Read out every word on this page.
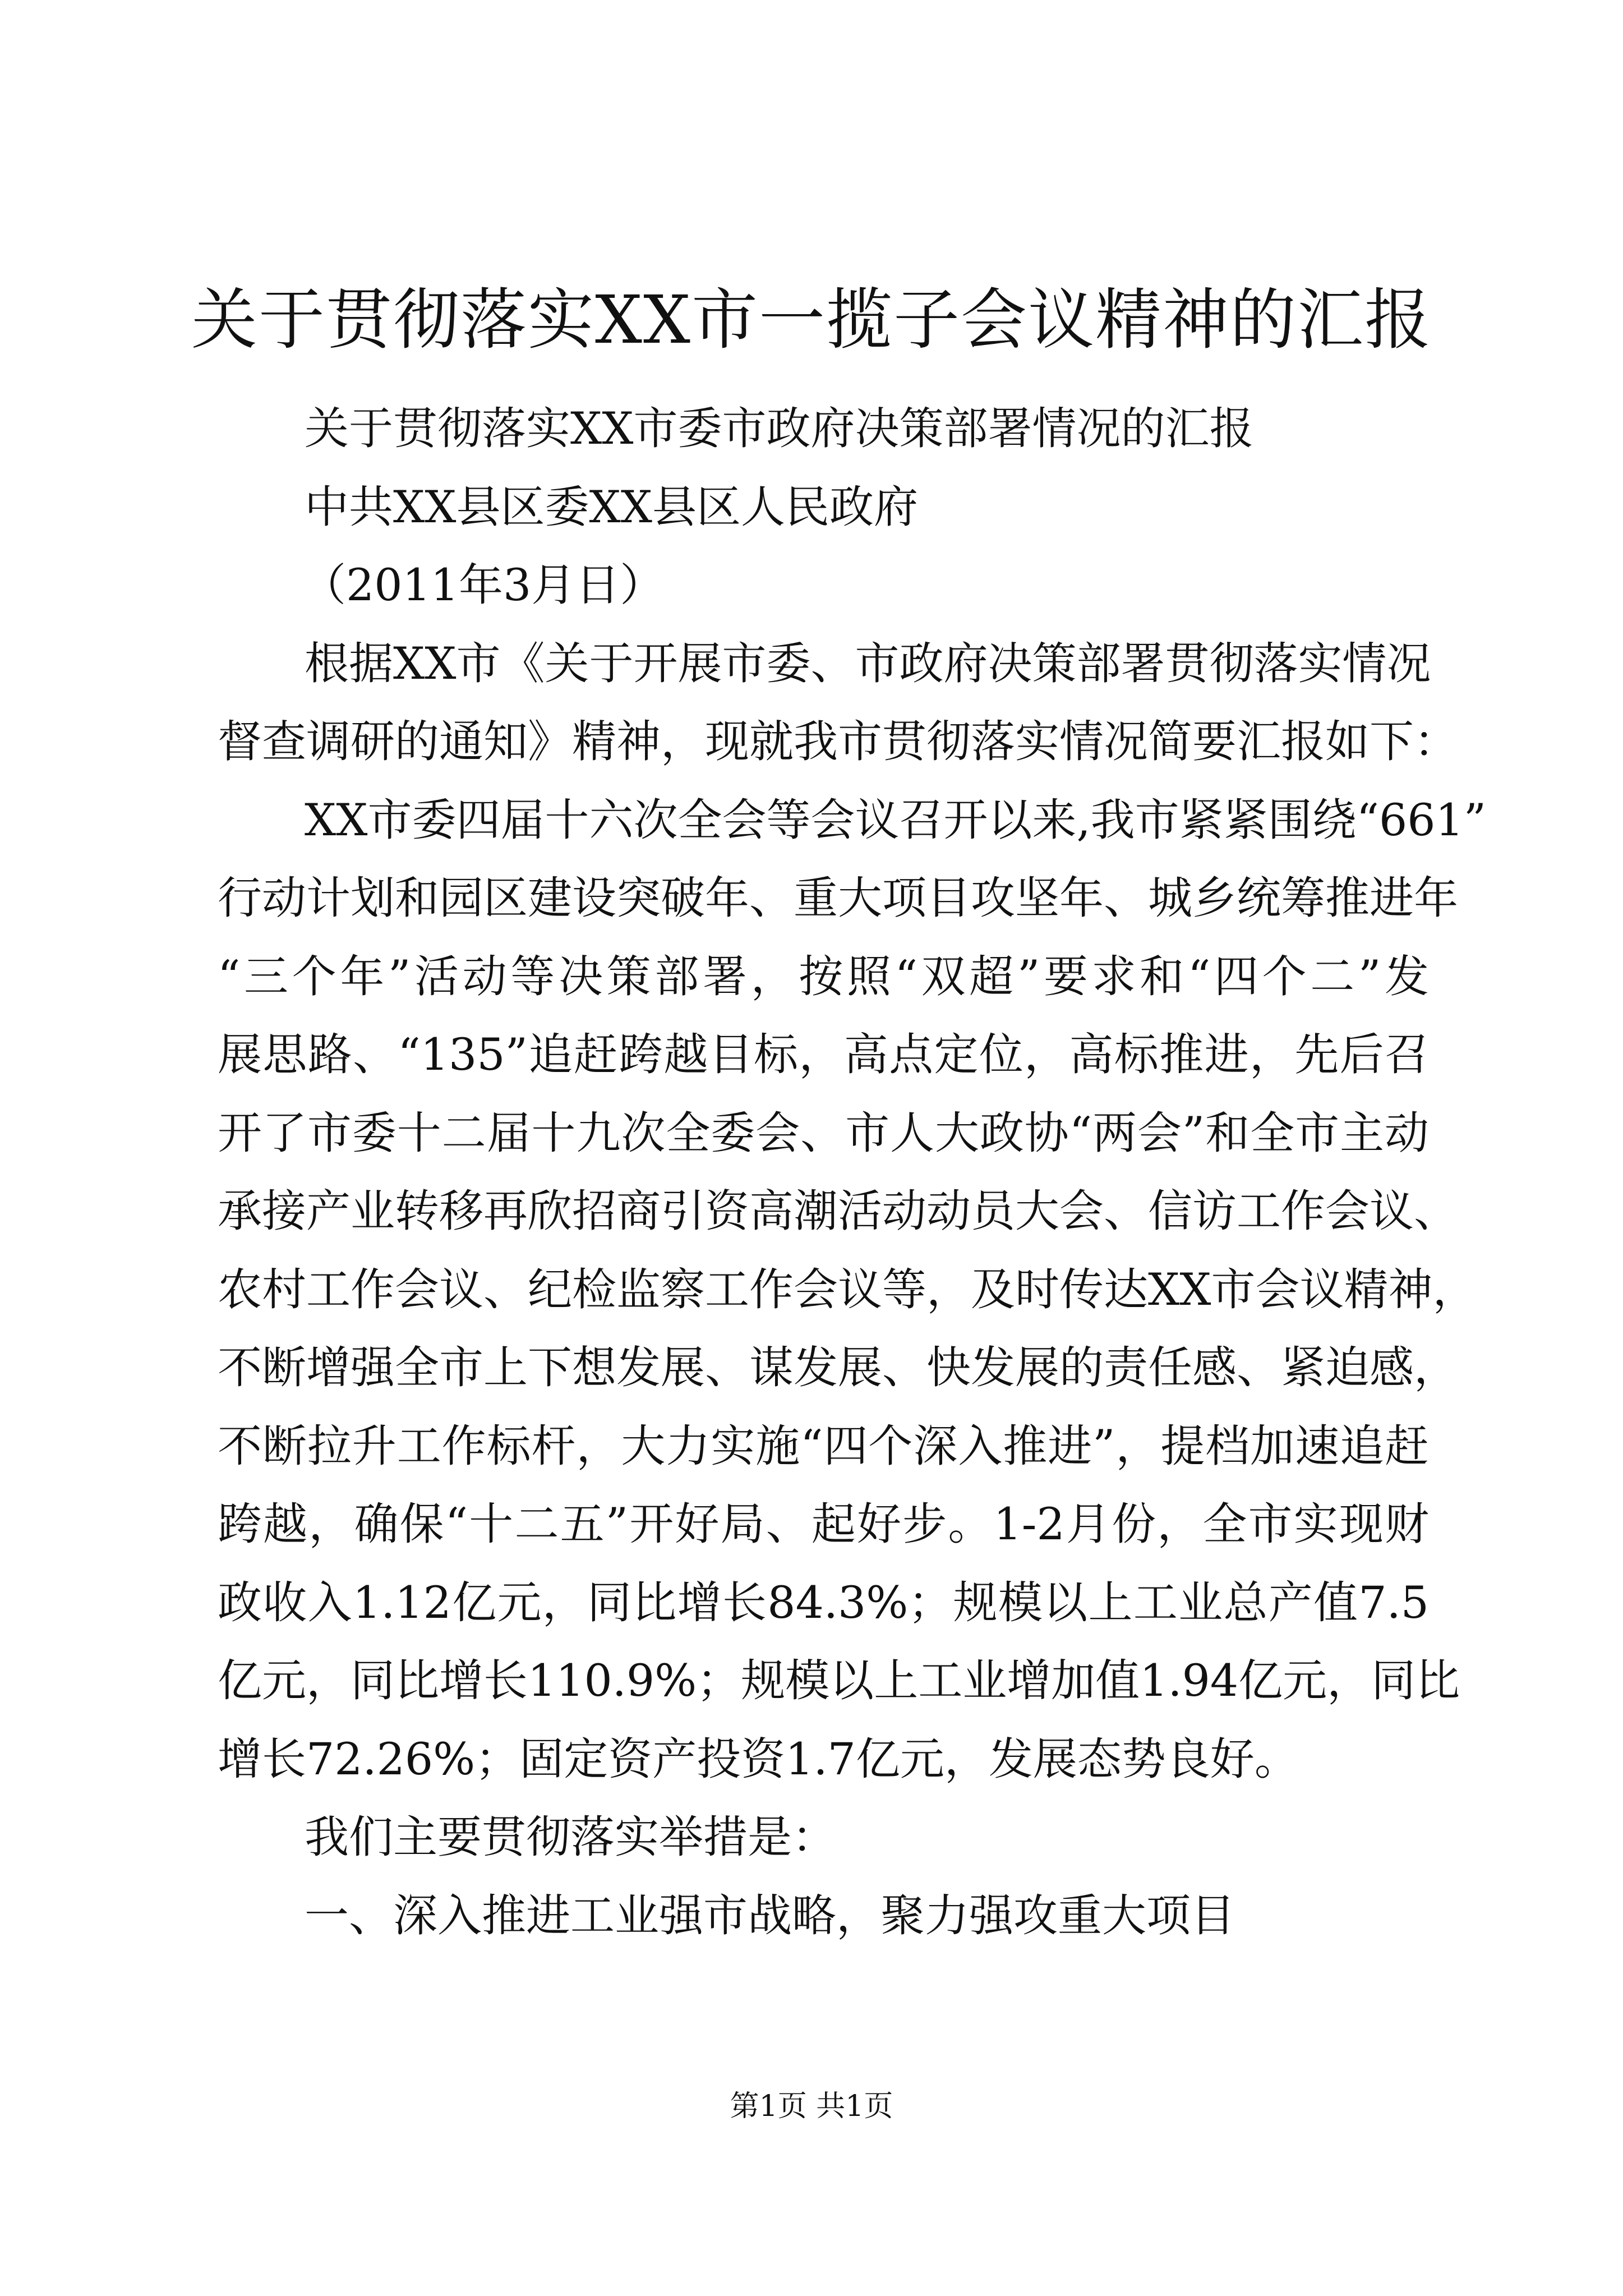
关于贯彻落实XX市一揽子会议精神的汇报
关于贯彻落实XX市委市政府决策部署情况的汇报
中共XX县区委XX县区人民政府
（2011年3月日）
根据XX市《关于开展市委、市政府决策部署贯彻落实情况
督查调研的通知》精神，现就我市贯彻落实情况简要汇报如下：
XX市委四届十六次全会等会议召开以来,我市紧紧围绕“661”
行动计划和园区建设突破年、重大项目攻坚年、城乡统筹推进年
“三个年”活动等决策部署，按照“双超”要求和“四个二”发
展思路、“135”追赶跨越目标，高点定位，高标推进，先后召
开了市委十二届十九次全委会、市人大政协“两会”和全市主动
承接产业转移再欣招商引资高潮活动动员大会、信访工作会议、
农村工作会议、纪检监察工作会议等，及时传达XX市会议精神，
不断增强全市上下想发展、谋发展、快发展的责任感、紧迫感，
不断拉升工作标杆，大力实施“四个深入推进”，提档加速追赶
跨越，确保“十二五”开好局、起好步。1-2月份，全市实现财
政收入1.12亿元，同比增长84.3%；规模以上工业总产值7.5
亿元，同比增长110.9%；规模以上工业增加值1.94亿元，同比
增长72.26%；固定资产投资1.7亿元，发展态势良好。
我们主要贯彻落实举措是：
一、深入推进工业强市战略，聚力强攻重大项目
第1页 共1页
